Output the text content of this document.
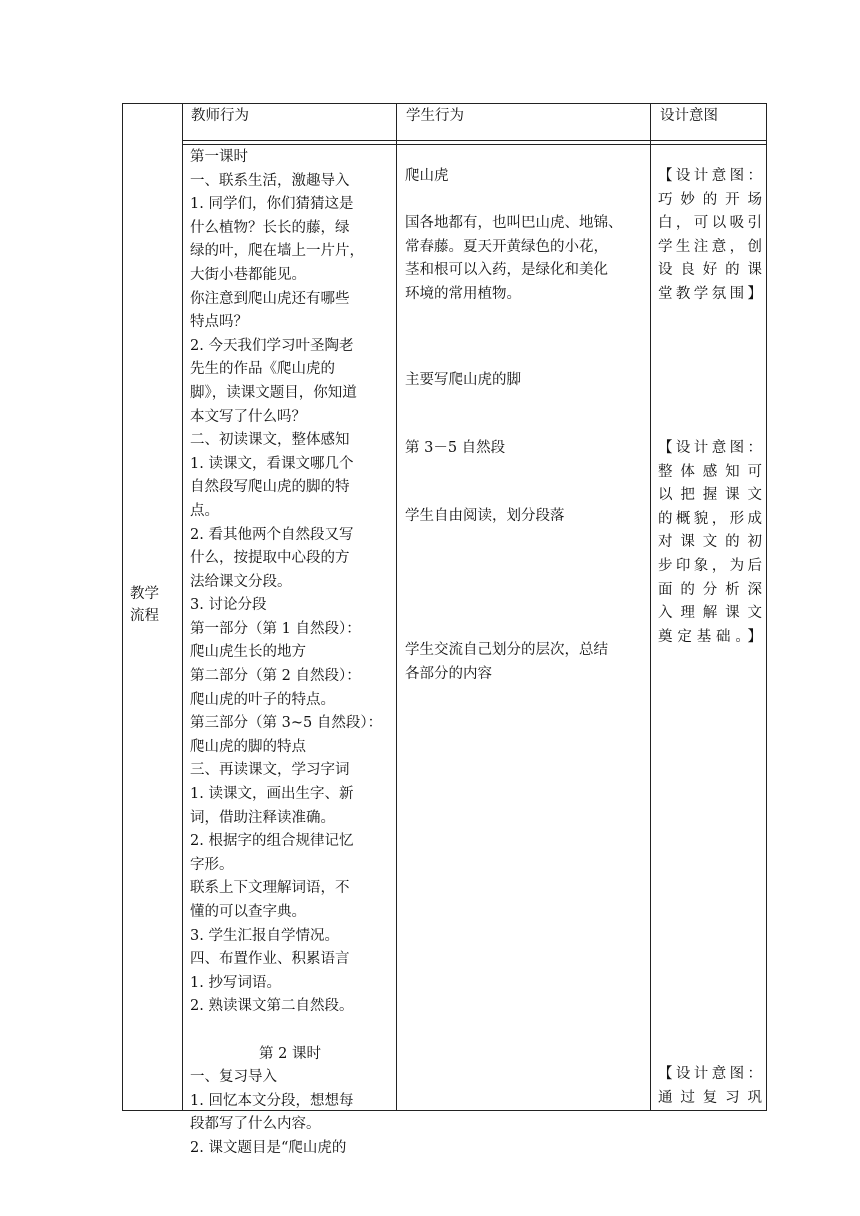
教师行为	学生行为	设计意图
教学
流程
第一课时
一、联系生活，激趣导入
1. 同学们，你们猜猜这是
什么植物？长长的藤，绿
绿的叶，爬在墙上一片片，
大街小巷都能见。
你注意到爬山虎还有哪些
特点吗？
2. 今天我们学习叶圣陶老
先生的作品《爬山虎的
脚》，读课文题目，你知道
本文写了什么吗？
二、初读课文，整体感知
1. 读课文，看课文哪几个
自然段写爬山虎的脚的特
点。
2. 看其他两个自然段又写
什么，按提取中心段的方
法给课文分段。
3. 讨论分段
第一部分（第 1 自然段）：
爬山虎生长的地方
第二部分（第 2 自然段）：
爬山虎的叶子的特点。
第三部分（第 3~5 自然段）：
爬山虎的脚的特点
三、再读课文，学习字词
1. 读课文，画出生字、新
词，借助注释读准确。
2. 根据字的组合规律记忆
字形。
联系上下文理解词语，不
懂的可以查字典。
3. 学生汇报自学情况。
四、布置作业、积累语言
1. 抄写词语。
2. 熟读课文第二自然段。
第 2 课时
一、复习导入
1. 回忆本文分段，想想每
段都写了什么内容。
2. 课文题目是“爬山虎的
爬山虎
国各地都有，也叫巴山虎、地锦、
常春藤。夏天开黄绿色的小花，
茎和根可以入药，是绿化和美化
环境的常用植物。
主要写爬山虎的脚
第 3－5 自然段
学生自由阅读，划分段落
学生交流自己划分的层次，总结
各部分的内容
【设计意图：
巧妙的开场
白，可以吸引
学生注意，创
设良好的课
堂教学氛围】
【设计意图：
整体感知可
以把握课文
的概貌，形成
对课文的初
步印象，为后
面的分析深
入理解课文
奠定基础。】
【设计意图：
通过复习巩
